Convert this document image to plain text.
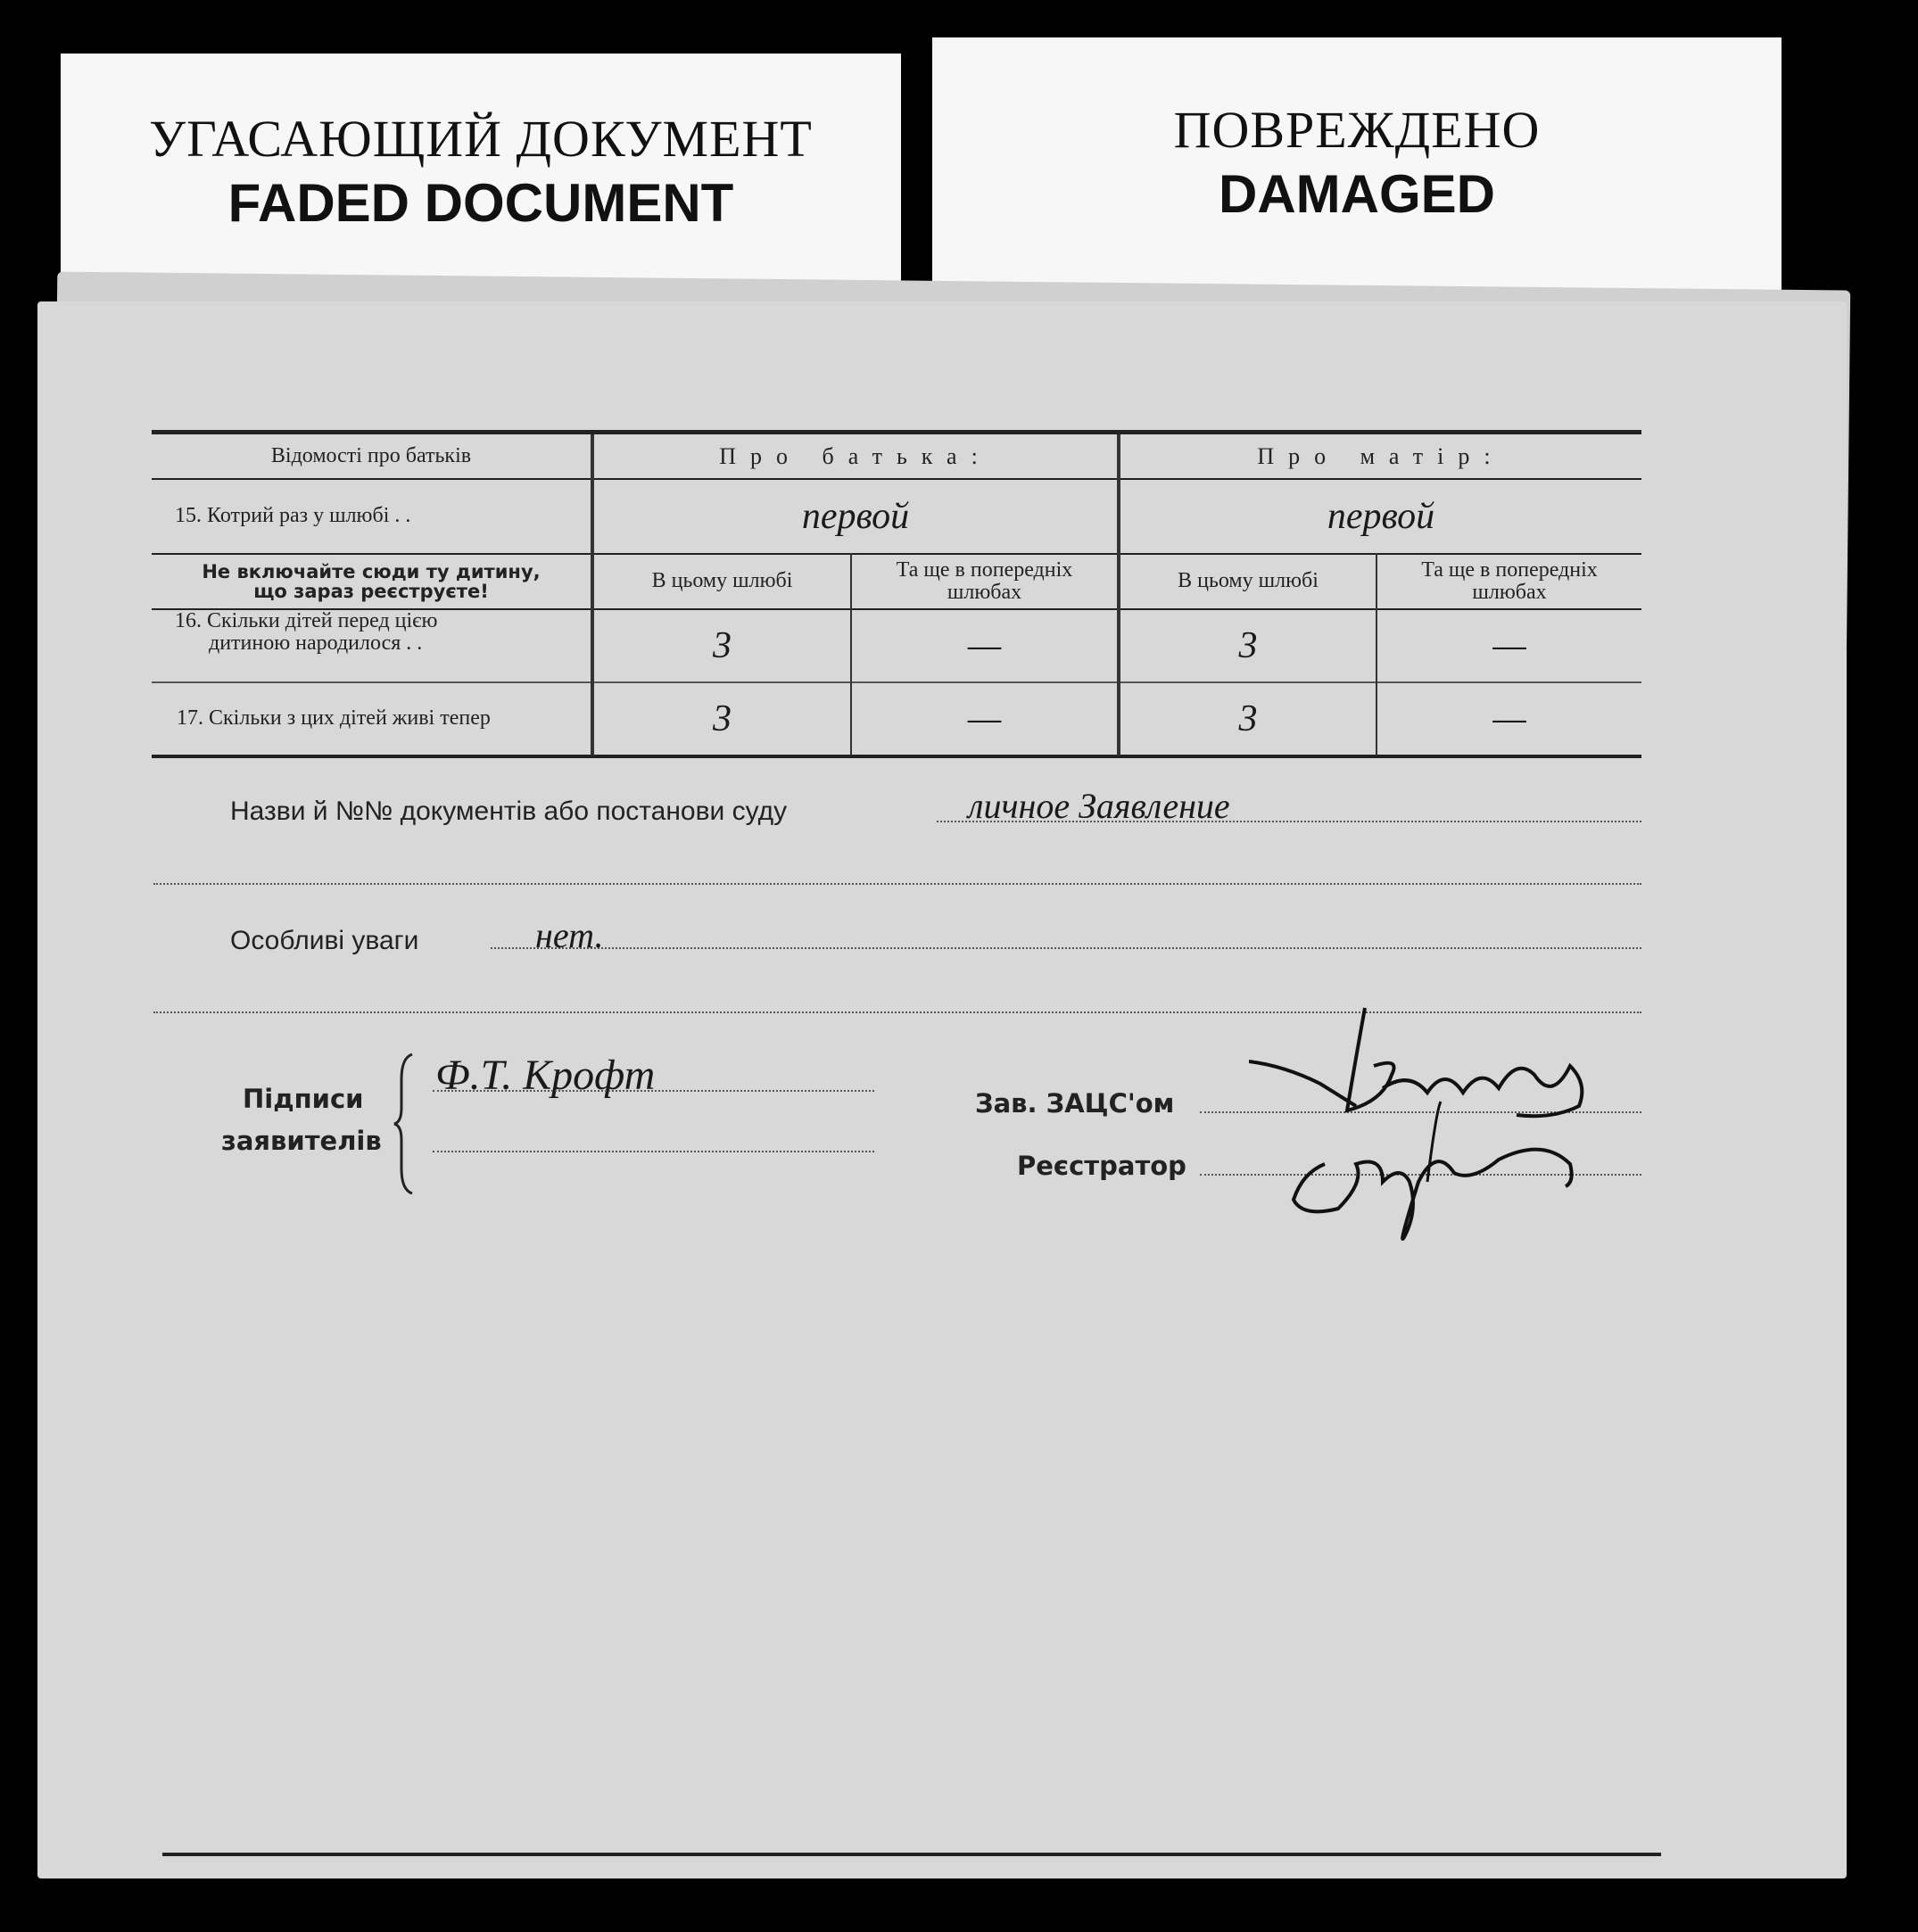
УГАСАЮЩИЙ ДОКУМЕНТ
FADED DOCUMENT
ПОВРЕЖДЕНО
DAMAGED
Відомості про батьків	Про батька:	Про матір:
15. Котрий раз у шлюбі . .	первой	первой
Не включайте сюди ту дитину,
що зараз реєструєте!	В цьому шлюбі	Та ще в попередніх шлюбах	В цьому шлюбі	Та ще в попередніх шлюбах
16. Скільки дітей перед цією
дитиною народилося . .	3	—	3	—
17. Скільки з цих дітей живі тепер	3	—	3	—
Назви й №№ документів або постанови суду	личное Заявление
Особливі уваги	нет.
Підписи
заявителів
Ф.Т. Крофт
Зав. ЗАЦС'ом
Реєстратор
